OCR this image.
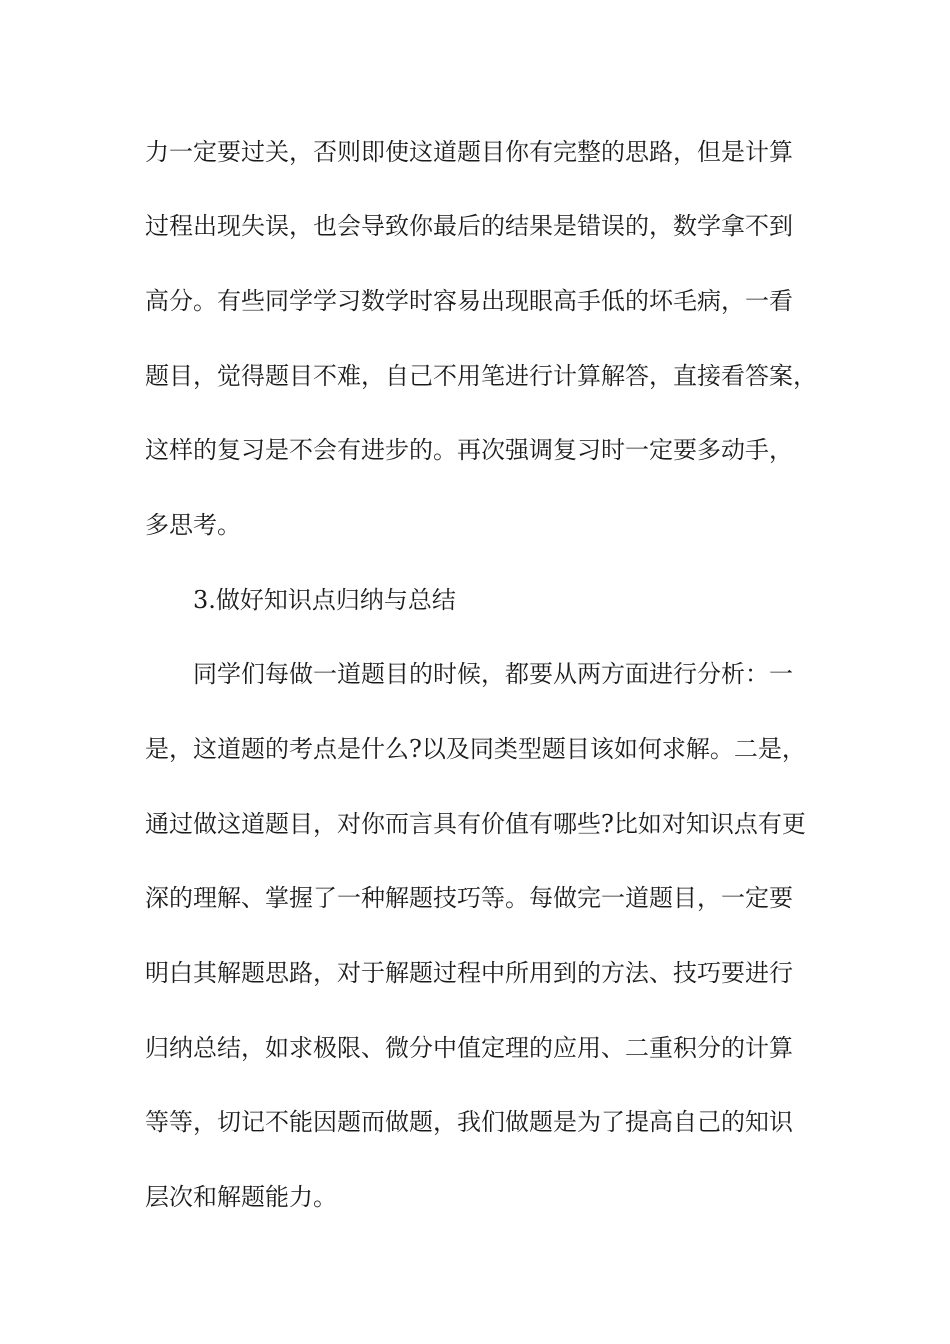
力一定要过关，否则即使这道题目你有完整的思路，但是计算
过程出现失误，也会导致你最后的结果是错误的，数学拿不到
高分。有些同学学习数学时容易出现眼高手低的坏毛病，一看
题目，觉得题目不难，自己不用笔进行计算解答，直接看答案，
这样的复习是不会有进步的。再次强调复习时一定要多动手，
多思考。
3.做好知识点归纳与总结
同学们每做一道题目的时候，都要从两方面进行分析：一
是，这道题的考点是什么?以及同类型题目该如何求解。二是，
通过做这道题目，对你而言具有价值有哪些?比如对知识点有更
深的理解、掌握了一种解题技巧等。每做完一道题目，一定要
明白其解题思路，对于解题过程中所用到的方法、技巧要进行
归纳总结，如求极限、微分中值定理的应用、二重积分的计算
等等，切记不能因题而做题，我们做题是为了提高自己的知识
层次和解题能力。
